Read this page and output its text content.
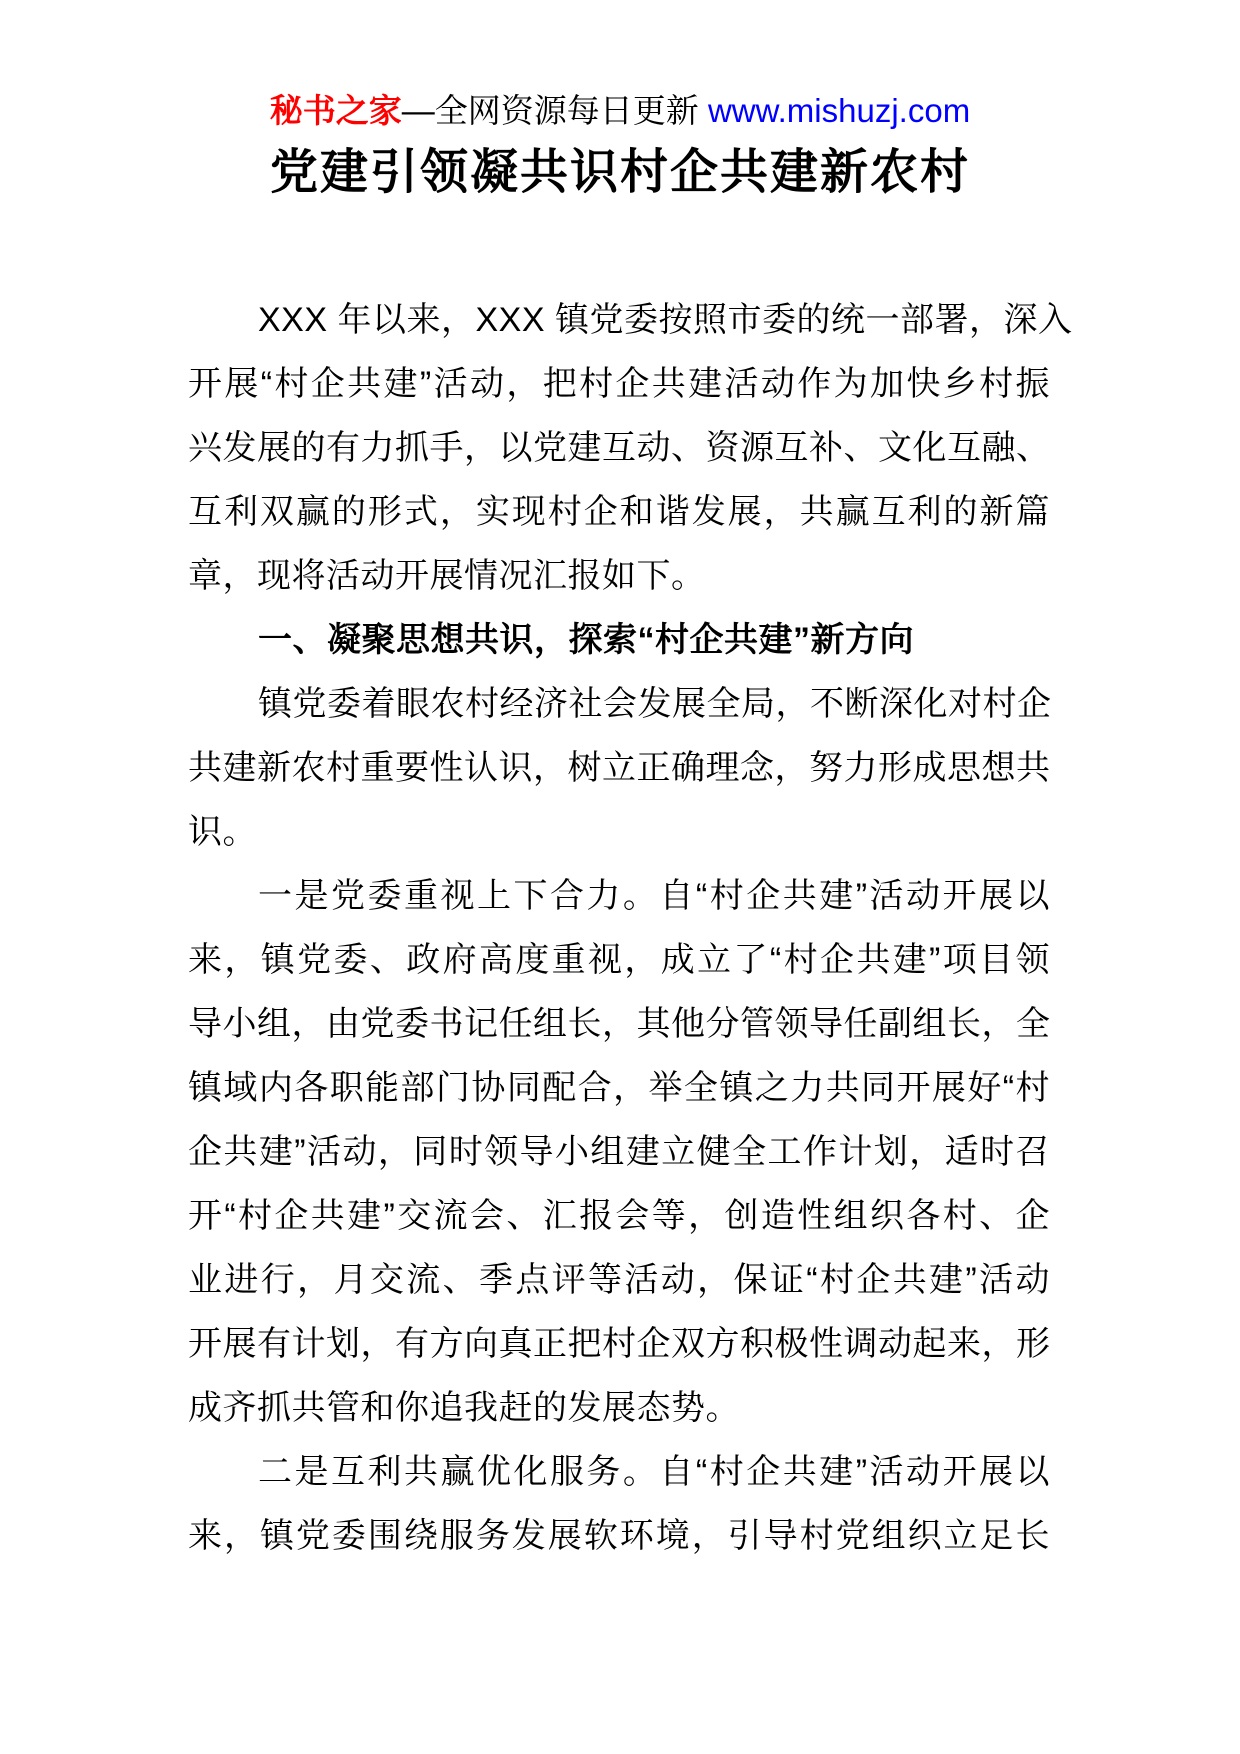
秘书之家—全网资源每日更新 www.mishuzj.com
党建引领凝共识村企共建新农村
XXX 年以来，XXX 镇党委按照市委的统一部署，深入
开展“村企共建”活动，把村企共建活动作为加快乡村振
兴发展的有力抓手，以党建互动、资源互补、文化互融、
互利双赢的形式，实现村企和谐发展，共赢互利的新篇
章，现将活动开展情况汇报如下。
一、凝聚思想共识，探索“村企共建”新方向
镇党委着眼农村经济社会发展全局，不断深化对村企
共建新农村重要性认识，树立正确理念，努力形成思想共
识。
一是党委重视上下合力。自“村企共建”活动开展以
来，镇党委、政府高度重视，成立了“村企共建”项目领
导小组，由党委书记任组长，其他分管领导任副组长，全
镇域内各职能部门协同配合，举全镇之力共同开展好“村
企共建”活动，同时领导小组建立健全工作计划，适时召
开“村企共建”交流会、汇报会等，创造性组织各村、企
业进行，月交流、季点评等活动，保证“村企共建”活动
开展有计划，有方向真正把村企双方积极性调动起来，形
成齐抓共管和你追我赶的发展态势。
二是互利共赢优化服务。自“村企共建”活动开展以
来，镇党委围绕服务发展软环境，引导村党组织立足长
